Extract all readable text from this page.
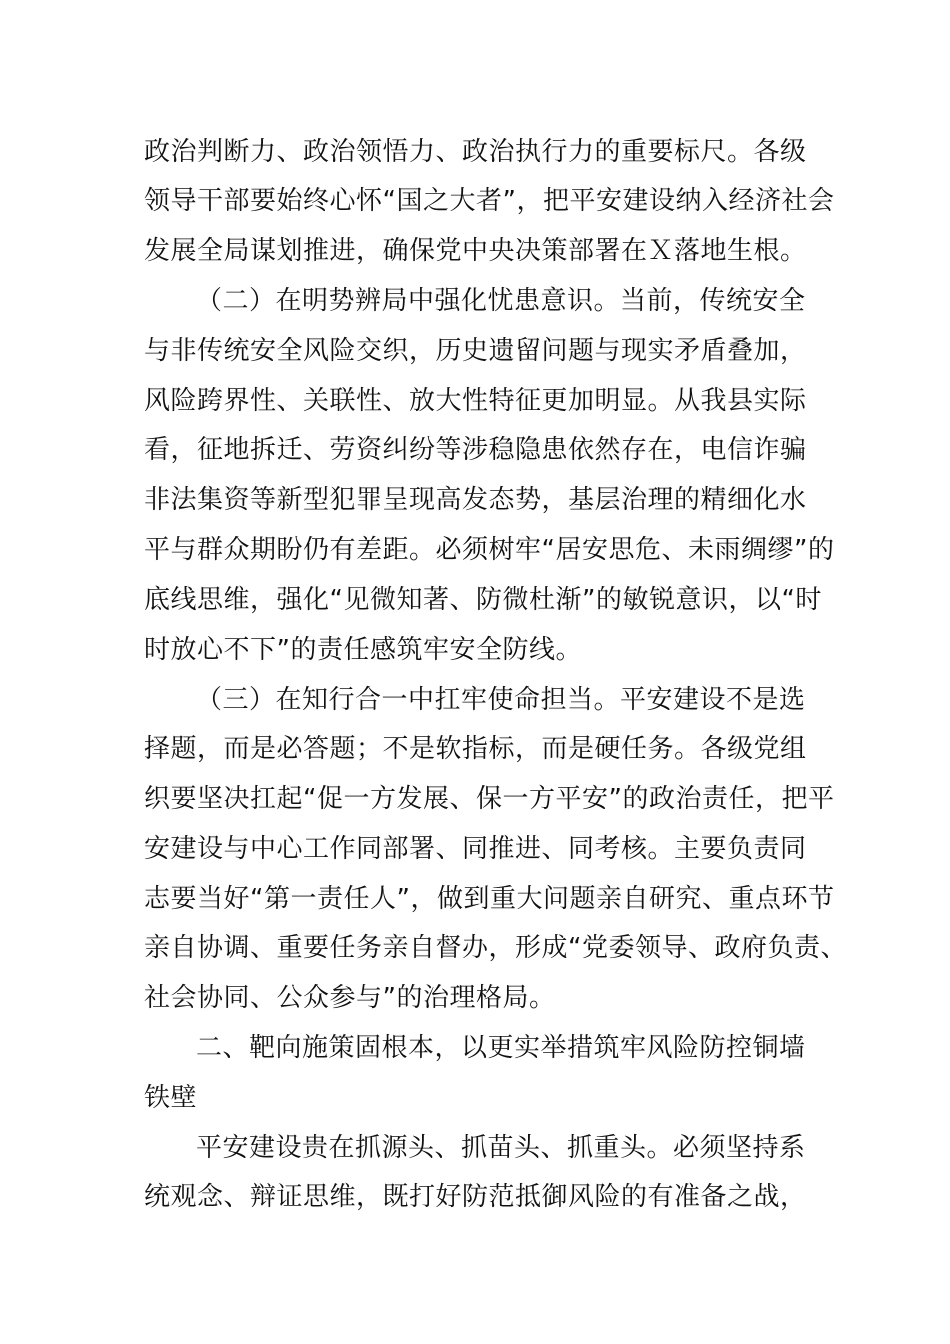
政治判断力、政治领悟力、政治执行力的重要标尺。各级
领导干部要始终心怀“国之大者”，把平安建设纳入经济社会
发展全局谋划推进，确保党中央决策部署在Ｘ落地生根。
（二）在明势辨局中强化忧患意识。当前，传统安全
与非传统安全风险交织，历史遗留问题与现实矛盾叠加，
风险跨界性、关联性、放大性特征更加明显。从我县实际
看，征地拆迁、劳资纠纷等涉稳隐患依然存在，电信诈骗
非法集资等新型犯罪呈现高发态势，基层治理的精细化水
平与群众期盼仍有差距。必须树牢“居安思危、未雨绸缪”的
底线思维，强化“见微知著、防微杜渐”的敏锐意识，以“时
时放心不下”的责任感筑牢安全防线。
（三）在知行合一中扛牢使命担当。平安建设不是选
择题，而是必答题；不是软指标，而是硬任务。各级党组
织要坚决扛起“促一方发展、保一方平安”的政治责任，把平
安建设与中心工作同部署、同推进、同考核。主要负责同
志要当好“第一责任人”，做到重大问题亲自研究、重点环节
亲自协调、重要任务亲自督办，形成“党委领导、政府负责、
社会协同、公众参与”的治理格局。
二、靶向施策固根本，以更实举措筑牢风险防控铜墙
铁壁
平安建设贵在抓源头、抓苗头、抓重头。必须坚持系
统观念、辩证思维，既打好防范抵御风险的有准备之战，
